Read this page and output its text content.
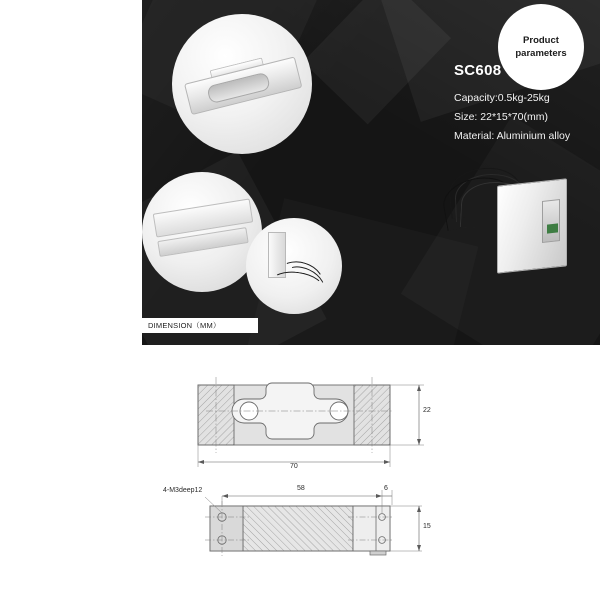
Product
parameters
SC608
Capacity:0.5kg-25kg
Size: 22*15*70(mm)
Material: Aluminium alloy
DIMENSION（MM）
70
22
4-M3deep12	58	6
15
